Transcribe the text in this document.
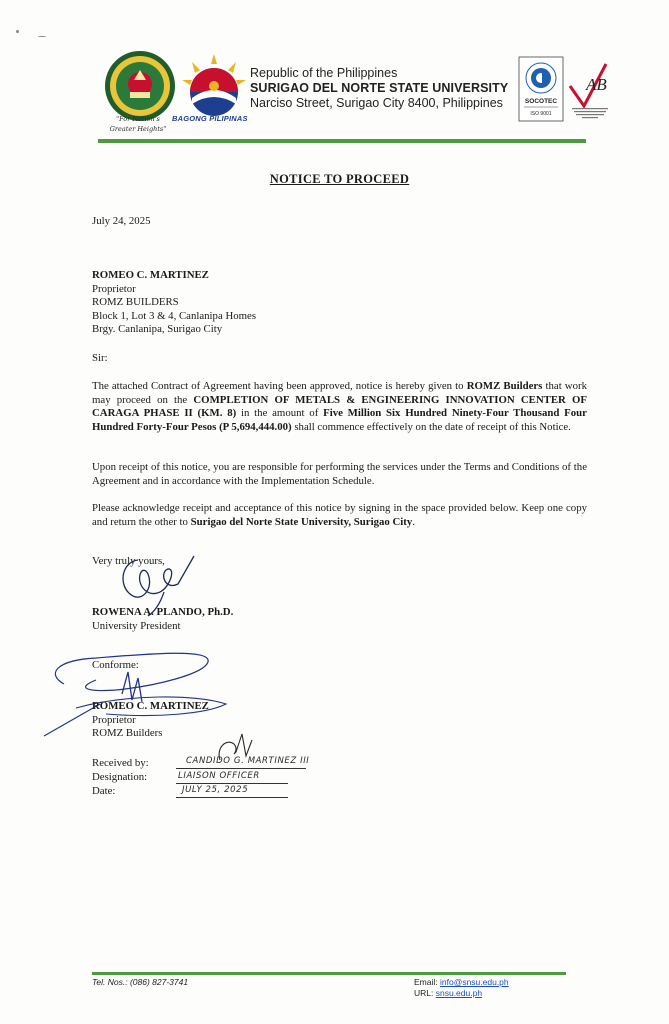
"For Nation's
Greater Heights"
BAGONG PILIPINAS
Republic of the Philippines
SURIGAO DEL NORTE STATE UNIVERSITY
Narciso Street, Surigao City 8400, Philippines	SOCOTEC
ISO 9001
AB
NOTICE TO PROCEED
July 24, 2025
ROMEO C. MARTINEZ
Proprietor
ROMZ BUILDERS
Block 1, Lot 3 & 4, Canlanipa Homes
Brgy. Canlanipa, Surigao City
Sir:
The attached Contract of Agreement having been approved, notice is hereby given to ROMZ Builders that work may proceed on the COMPLETION OF METALS & ENGINEERING INNOVATION CENTER OF CARAGA PHASE II (KM. 8) in the amount of Five Million Six Hundred Ninety-Four Thousand Four Hundred Forty-Four Pesos (P 5,694,444.00) shall commence effectively on the date of receipt of this Notice.
Upon receipt of this notice, you are responsible for performing the services under the Terms and Conditions of the Agreement and in accordance with the Implementation Schedule.
Please acknowledge receipt and acceptance of this notice by signing in the space provided below. Keep one copy and return the other to Surigao del Norte State University, Surigao City.
Very truly yours,
ROWENA A. PLANDO, Ph.D.
University President
Conforme:
ROMEO C. MARTINEZ
Proprietor
ROMZ Builders
Received by:
Designation:
Date:
CANDIDO G. MARTINEZ III
LIAISON OFFICER
JULY 25, 2025
Tel. Nos.: (086) 827-3741	Email: info@snsu.edu.ph
URL: snsu.edu.ph
